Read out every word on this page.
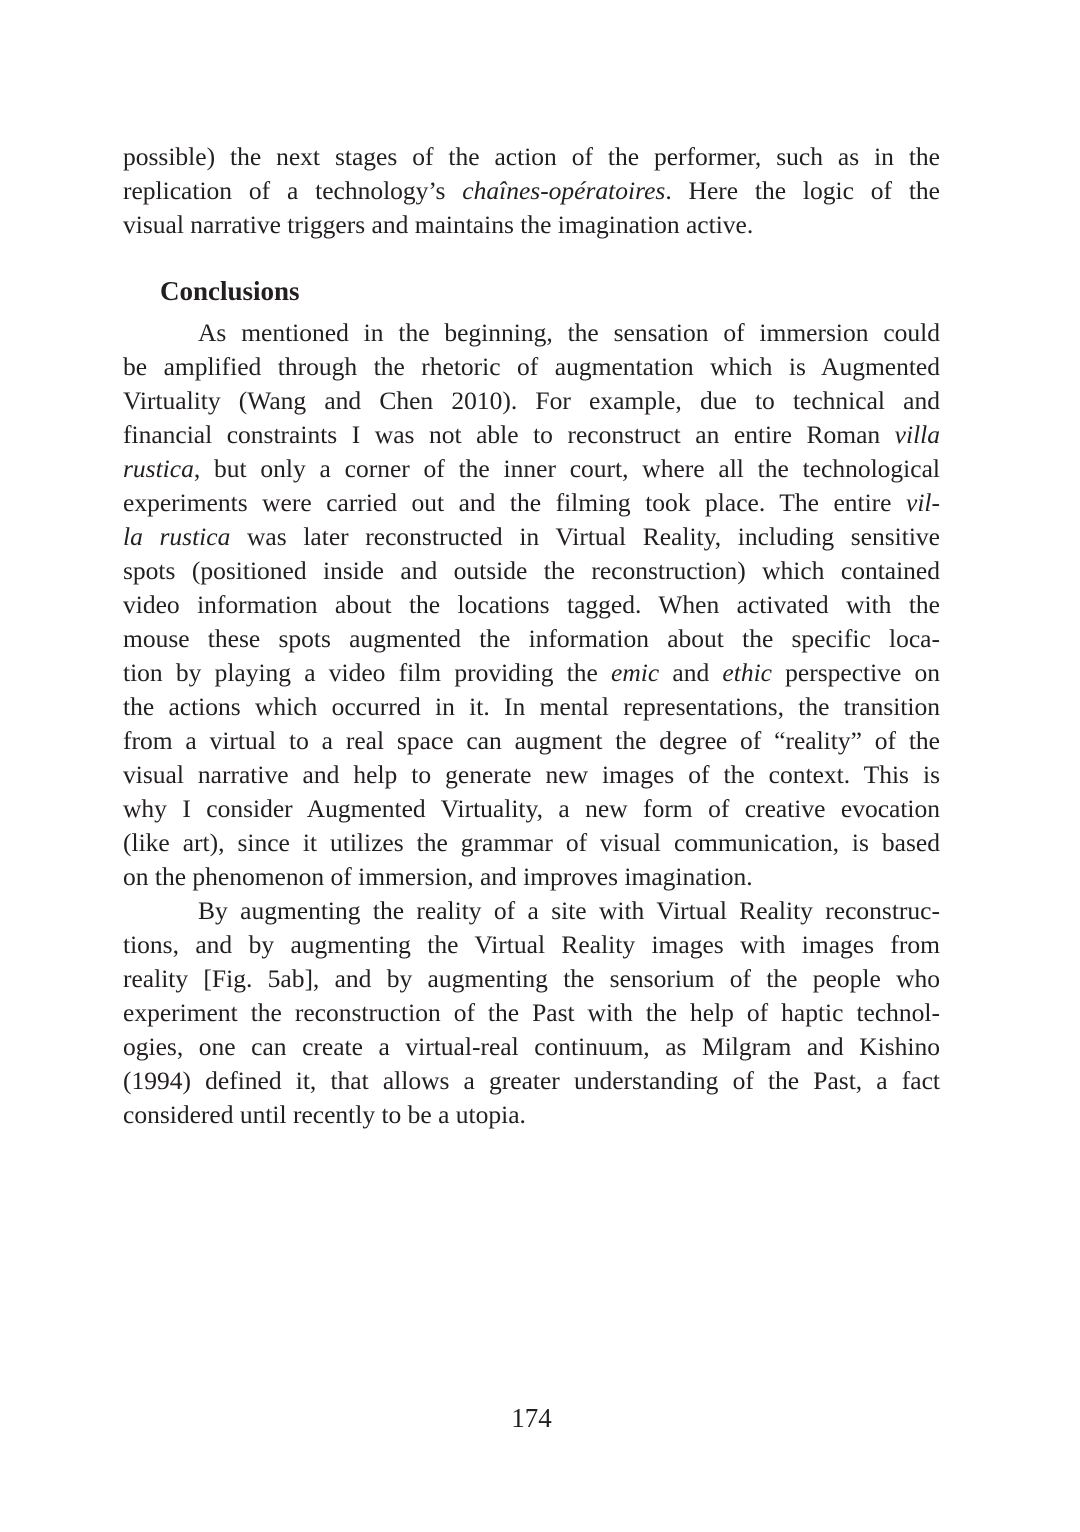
possible) the next stages of the action of the performer, such as in the
replication of a technology’s chaînes-opératoires. Here the logic of the
visual narrative triggers and maintains the imagination active.
Conclusions
As mentioned in the beginning, the sensation of immersion could
be amplified through the rhetoric of augmentation which is Augmented
Virtuality (Wang and Chen 2010). For example, due to technical and
financial constraints I was not able to reconstruct an entire Roman villa
rustica, but only a corner of the inner court, where all the technological
experiments were carried out and the filming took place. The entire vil-
la rustica was later reconstructed in Virtual Reality, including sensitive
spots (positioned inside and outside the reconstruction) which contained
video information about the locations tagged. When activated with the
mouse these spots augmented the information about the specific loca-
tion by playing a video film providing the emic and ethic perspective on
the actions which occurred in it. In mental representations, the transition
from a virtual to a real space can augment the degree of “reality” of the
visual narrative and help to generate new images of the context. This is
why I consider Augmented Virtuality, a new form of creative evocation
(like art), since it utilizes the grammar of visual communication, is based
on the phenomenon of immersion, and improves imagination.
By augmenting the reality of a site with Virtual Reality reconstruc-
tions, and by augmenting the Virtual Reality images with images from
reality [Fig. 5ab], and by augmenting the sensorium of the people who
experiment the reconstruction of the Past with the help of haptic technol-
ogies, one can create a virtual-real continuum, as Milgram and Kishino
(1994) defined it, that allows a greater understanding of the Past, a fact
considered until recently to be a utopia.
174
